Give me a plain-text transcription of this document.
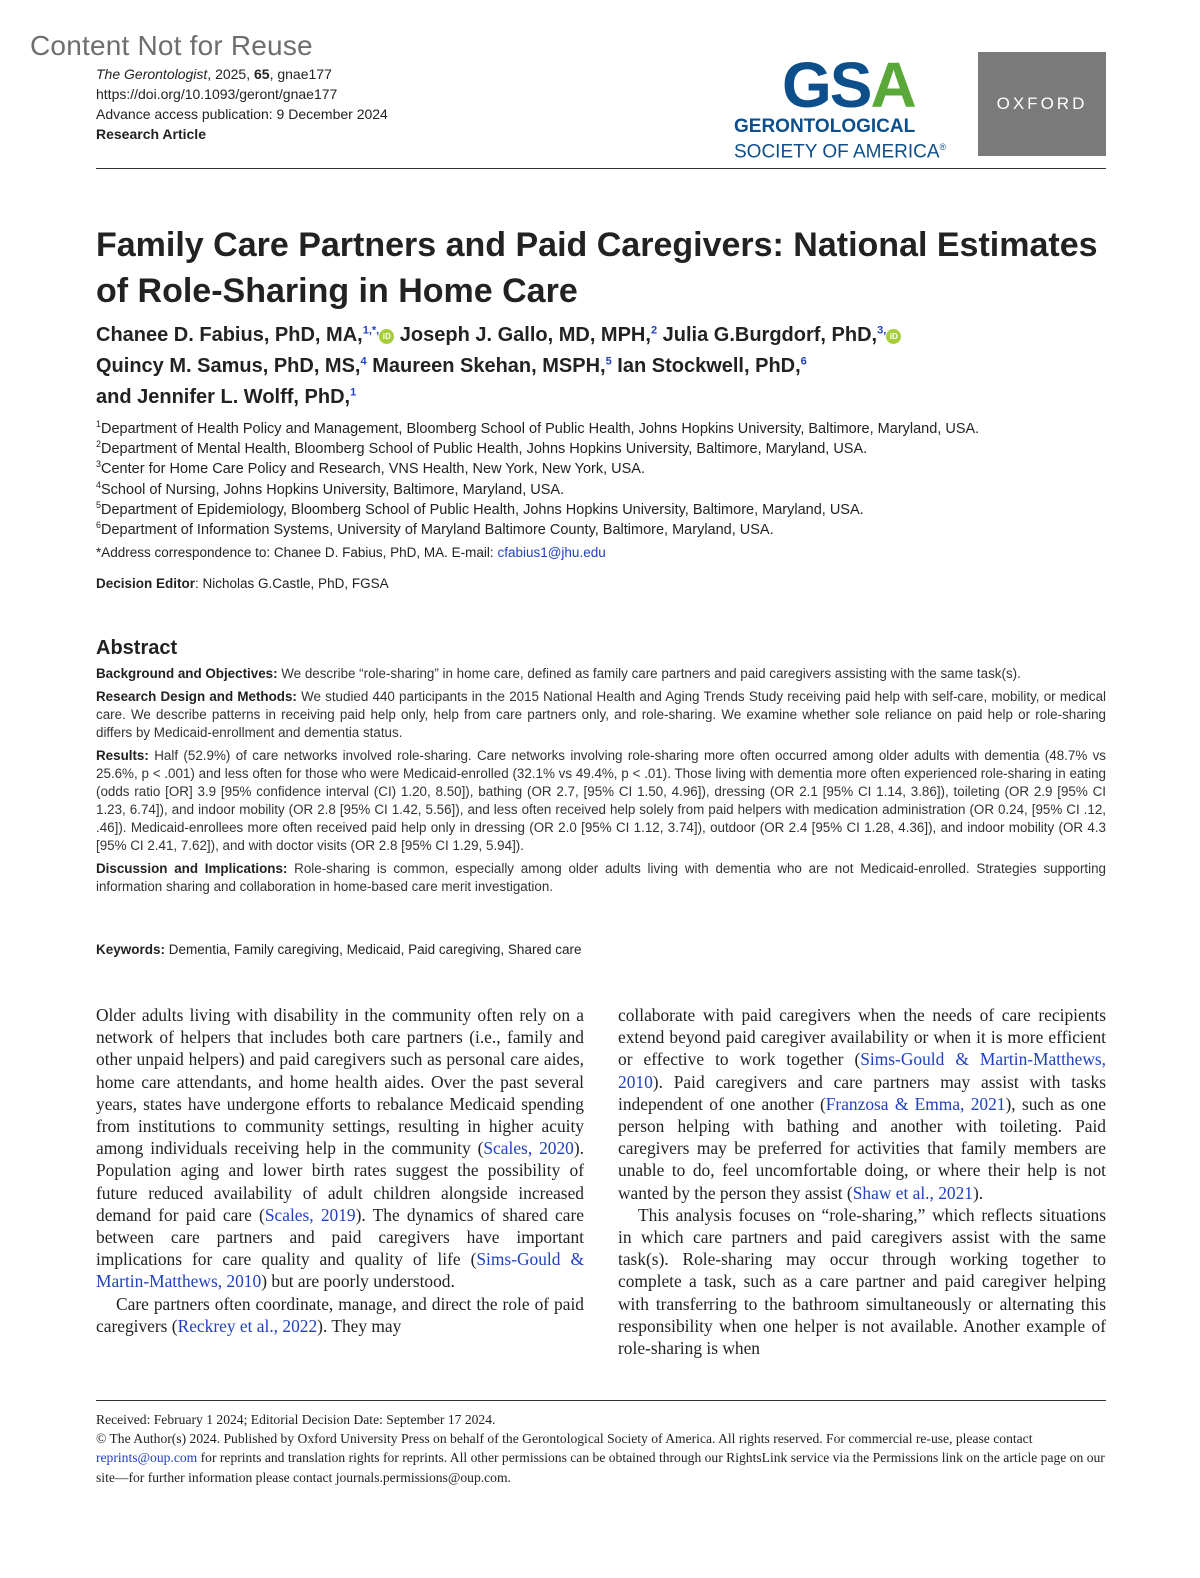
Content Not for Reuse
The Gerontologist, 2025, 65, gnae177
https://doi.org/10.1093/geront/gnae177
Advance access publication: 9 December 2024
Research Article
GSA
GERONTOLOGICAL
SOCIETY OF AMERICA®
OXFORD
Family Care Partners and Paid Caregivers: National Estimates of Role-Sharing in Home Care
Chanee D. Fabius, PhD, MA,$^{1,*,}$iD Joseph J. Gallo, MD, MPH,$^2$ Julia G.Burgdorf, PhD,$^{3,}$iD
Quincy M. Samus, PhD, MS,$^4$ Maureen Skehan, MSPH,$^5$ Ian Stockwell, PhD,$^6$
and Jennifer L. Wolff, PhD,$^1$
$^1$Department of Health Policy and Management, Bloomberg School of Public Health, Johns Hopkins University, Baltimore, Maryland, USA.
$^2$Department of Mental Health, Bloomberg School of Public Health, Johns Hopkins University, Baltimore, Maryland, USA.
$^3$Center for Home Care Policy and Research, VNS Health, New York, New York, USA.
$^4$School of Nursing, Johns Hopkins University, Baltimore, Maryland, USA.
$^5$Department of Epidemiology, Bloomberg School of Public Health, Johns Hopkins University, Baltimore, Maryland, USA.
$^6$Department of Information Systems, University of Maryland Baltimore County, Baltimore, Maryland, USA.
*Address correspondence to: Chanee D. Fabius, PhD, MA. E-mail: cfabius1@jhu.edu
Decision Editor: Nicholas G.Castle, PhD, FGSA
Abstract

Background and Objectives: We describe “role-sharing” in home care, defined as family care partners and paid caregivers assisting with the same task(s).

Research Design and Methods: We studied 440 participants in the 2015 National Health and Aging Trends Study receiving paid help with self-care, mobility, or medical care. We describe patterns in receiving paid help only, help from care partners only, and role-sharing. We examine whether sole reliance on paid help or role-sharing differs by Medicaid-enrollment and dementia status.

Results: Half (52.9%) of care networks involved role-sharing. Care networks involving role-sharing more often occurred among older adults with dementia (48.7% vs 25.6%, p < .001) and less often for those who were Medicaid-enrolled (32.1% vs 49.4%, p < .01). Those living with dementia more often experienced role-sharing in eating (odds ratio [OR] 3.9 [95% confidence interval (CI) 1.20, 8.50]), bathing (OR 2.7, [95% CI 1.50, 4.96]), dressing (OR 2.1 [95% CI 1.14, 3.86]), toileting (OR 2.9 [95% CI 1.23, 6.74]), and indoor mobility (OR 2.8 [95% CI 1.42, 5.56]), and less often received help solely from paid helpers with medication administration (OR 0.24, [95% CI .12, .46]). Medicaid-enrollees more often received paid help only in dressing (OR 2.0 [95% CI 1.12, 3.74]), outdoor (OR 2.4 [95% CI 1.28, 4.36]), and indoor mobility (OR 4.3 [95% CI 2.41, 7.62]), and with doctor visits (OR 2.8 [95% CI 1.29, 5.94]).

Discussion and Implications: Role-sharing is common, especially among older adults living with dementia who are not Medicaid-enrolled. Strategies supporting information sharing and collaboration in home-based care merit investigation.

Keywords: Dementia, Family caregiving, Medicaid, Paid caregiving, Shared care

Older adults living with disability in the community often rely on a network of helpers that includes both care partners (i.e., family and other unpaid helpers) and paid caregivers such as personal care aides, home care attendants, and home health aides. Over the past several years, states have undergone efforts to rebalance Medicaid spending from institutions to community settings, resulting in higher acuity among individuals receiving help in the community (Scales, 2020). Population aging and lower birth rates suggest the possibility of future reduced availability of adult children alongside increased demand for paid care (Scales, 2019). The dynamics of shared care between care partners and paid caregivers have important implications for care quality and quality of life (Sims-Gould & Martin-Matthews, 2010) but are poorly understood.

Care partners often coordinate, manage, and direct the role of paid caregivers (Reckrey et al., 2022). They may

collaborate with paid caregivers when the needs of care recipients extend beyond paid caregiver availability or when it is more efficient or effective to work together (Sims-Gould & Martin-Matthews, 2010). Paid caregivers and care partners may assist with tasks independent of one another (Franzosa & Emma, 2021), such as one person helping with bathing and another with toileting. Paid caregivers may be preferred for activities that family members are unable to do, feel uncomfortable doing, or where their help is not wanted by the person they assist (Shaw et al., 2021).

This analysis focuses on “role-sharing,” which reflects situations in which care partners and paid caregivers assist with the same task(s). Role-sharing may occur through working together to complete a task, such as a care partner and paid caregiver helping with transferring to the bathroom simultaneously or alternating this responsibility when one helper is not available. Another example of role-sharing is when

Received: February 1 2024; Editorial Decision Date: September 17 2024.

© The Author(s) 2024. Published by Oxford University Press on behalf of the Gerontological Society of America. All rights reserved. For commercial re-use, please contact reprints@oup.com for reprints and translation rights for reprints. All other permissions can be obtained through our RightsLink service via the Permissions link on the article page on our site—for further information please contact journals.permissions@oup.com.
